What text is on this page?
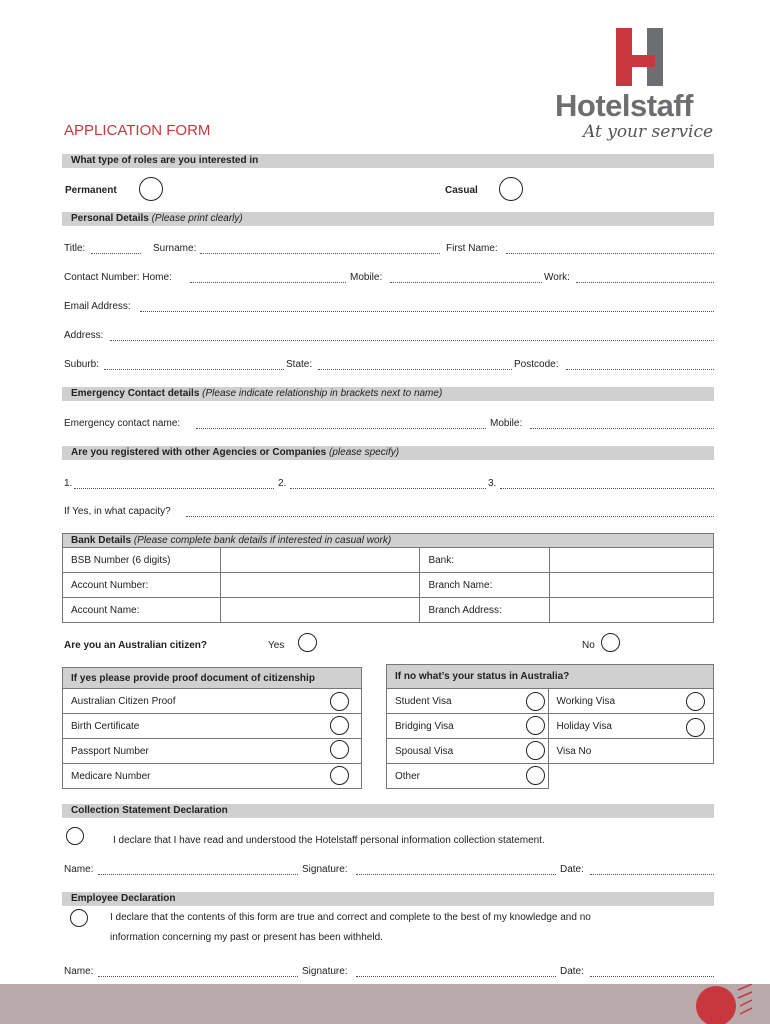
Hotelstaff
At your service
APPLICATION FORM
What type of roles are you interested in
Permanent	Casual
Personal Details (Please print clearly)
Title:	Surname:	First Name:
Contact Number: Home:	Mobile:	Work:
Email Address:
Address:
Suburb:	State:	Postcode:
Emergency Contact details (Please indicate relationship in brackets next to name)
Emergency contact name:	Mobile:
Are you registered with other Agencies or Companies (please specify)
1.	2.	3.
If Yes, in what capacity?
Bank Details (Please complete bank details if interested in casual work)			
BSB Number (6 digits)		Bank:	
Account Number:		Branch Name:	
Account Name:		Branch Address:	
Are you an Australian citizen?	Yes	No
If yes please provide proof document of citizenship
Australian Citizen Proof
Birth Certificate
Passport Number
Medicare Number
If no what’s your status in Australia?	
Student Visa	Working Visa
Bridging Visa	Holiday Visa
Spousal Visa	Visa No
Other	
Collection Statement Declaration
I declare that I have read and understood the Hotelstaff personal information collection statement.
Name:	Signature:	Date:
Employee Declaration
I declare that the contents of this form are true and correct and complete to the best of my knowledge and no
information concerning my past or present has been withheld.
Name:	Signature:	Date:
